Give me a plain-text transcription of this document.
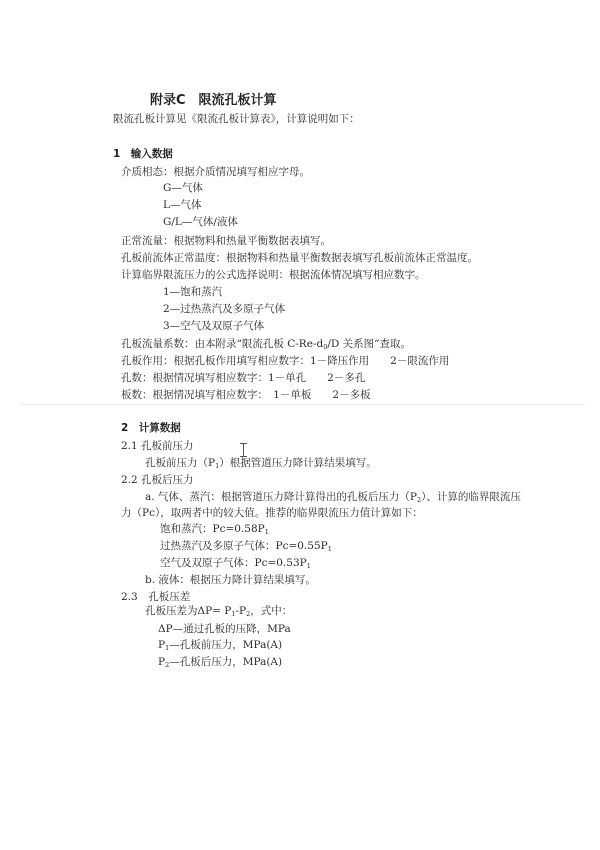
附录C　限流孔板计算
限流孔板计算见《限流孔板计算表》，计算说明如下：
1　输入数据
介质相态：根据介质情况填写相应字母。
G—气体
L—气体
G/L—气体/液体
正常流量：根据物料和热量平衡数据表填写。
孔板前流体正常温度：根据物料和热量平衡数据表填写孔板前流体正常温度。
计算临界限流压力的公式选择说明：根据流体情况填写相应数字。
1—饱和蒸汽
2—过热蒸汽及多原子气体
3—空气及双原子气体
孔板流量系数：由本附录“限流孔板 $C-Re-d_0/D$ 关系图”查取。
孔板作用：根据孔板作用填写相应数字：1－降压作用　　2－限流作用
孔数：根据情况填写相应数字：1－单孔　　2－多孔
板数：根据情况填写相应数字：　1－单板　　2－多板
2　计算数据
2.1 孔板前压力
孔板前压力$(P_1)$根据管道压力降计算结果填写。
2.2 孔板后压力
a. 气体、蒸汽：根据管道压力降计算得出的孔板后压力$(P_2)$、计算的临界限流压
力（Pc），取两者中的较大值。推荐的临界限流压力值计算如下：
饱和蒸汽：$Pc=0.58P_1$
过热蒸汽及多原子气体：$Pc=0.55P_1$
空气及双原子气体：$Pc=0.53P_1$
b. 液体：根据压力降计算结果填写。
2.3　孔板压差
孔板压差为$\Delta P= P_1-P_2$，式中：
ΔP—通过孔板的压降，MPa
$P_1—$孔板前压力，MPa(A)
$P_2—$孔板后压力，MPa(A)
